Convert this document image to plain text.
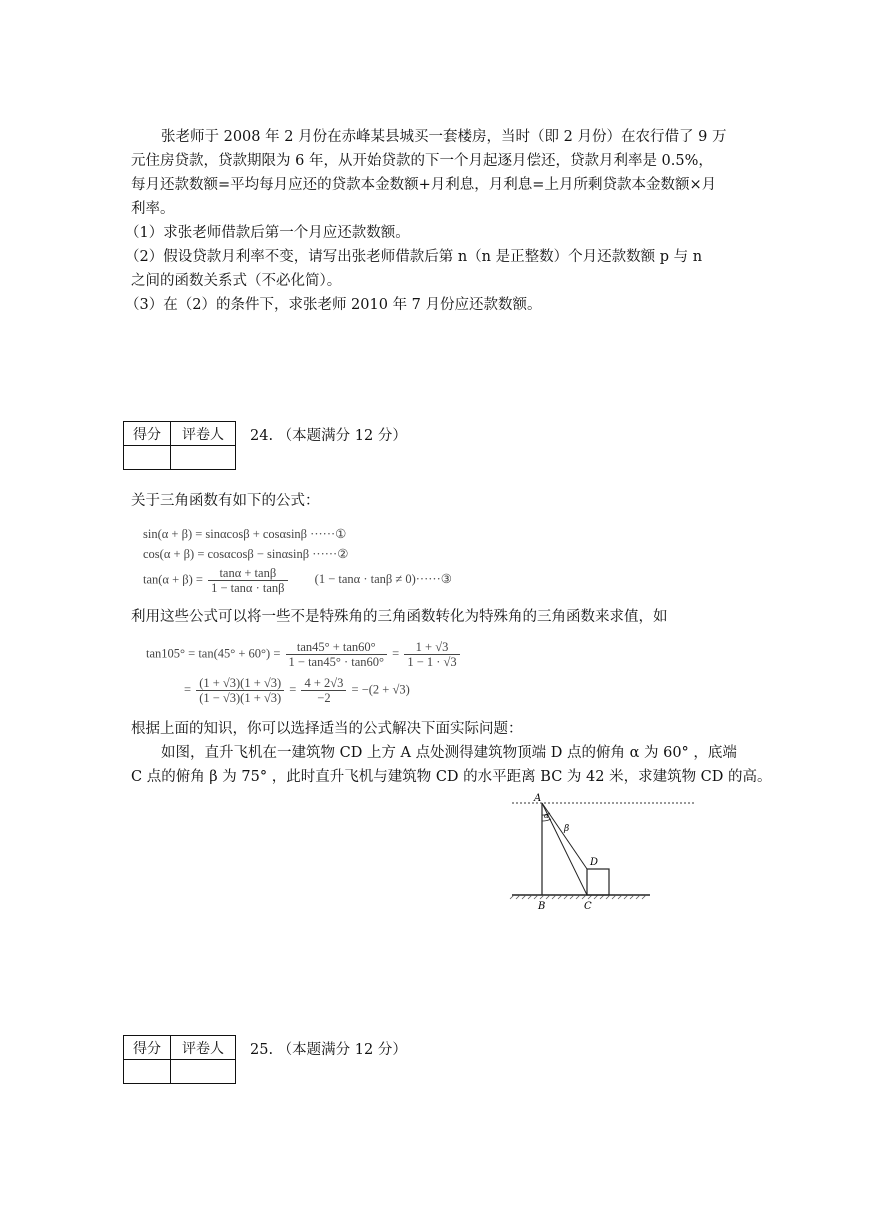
张老师于 2008 年 2 月份在赤峰某县城买一套楼房，当时（即 2 月份）在农行借了 9 万
元住房贷款，贷款期限为 6 年，从开始贷款的下一个月起逐月偿还，贷款月利率是 0.5%，
每月还款数额=平均每月应还的贷款本金数额+月利息，月利息=上月所剩贷款本金数额×月
利率。
（1）求张老师借款后第一个月应还款数额。
（2）假设贷款月利率不变，请写出张老师借款后第 n（n 是正整数）个月还款数额 p 与 n
之间的函数关系式（不必化简）。
（3）在（2）的条件下，求张老师 2010 年 7 月份应还款数额。
得分	评卷人
	24. （本题满分 12 分）
关于三角函数有如下的公式：
sin(α + β) = sinαcosβ + cosαsinβ ······①
cos(α + β) = cosαcosβ − sinαsinβ ······②
$\tan(\alpha + \beta) = \frac{\tan\alpha + \tan\beta}{1 - \tan\alpha \cdot \tan\beta} (1 - \tan\alpha \cdot \tan\beta$ ≠ 0)······③
利用这些公式可以将一些不是特殊角的三角函数转化为特殊角的三角函数来求值，如
$\tan 105^\circ = \tan(45^\circ + 60^\circ) = \frac{\tan 45^\circ + \tan 60^\circ}{1 - \tan 45^\circ \cdot \tan 60^\circ} = \frac{1 + √3}{1 - 1 \cdot √3}$
= $\frac{(1 + √3)(1 + √3)}{(1 - √3)(1 + √3)} = \frac{4 + 2√3}{-2} = -(2 + √3)$
根据上面的知识，你可以选择适当的公式解决下面实际问题：
如图，直升飞机在一建筑物 CD 上方 A 点处测得建筑物顶端 D 点的俯角 α 为 60° ，底端
C 点的俯角 β 为 75° ，此时直升飞机与建筑物 CD 的水平距离 BC 为 42 米，求建筑物 CD 的高。
A
B	C
D
α
β
得分	评卷人
	25. （本题满分 12 分）
